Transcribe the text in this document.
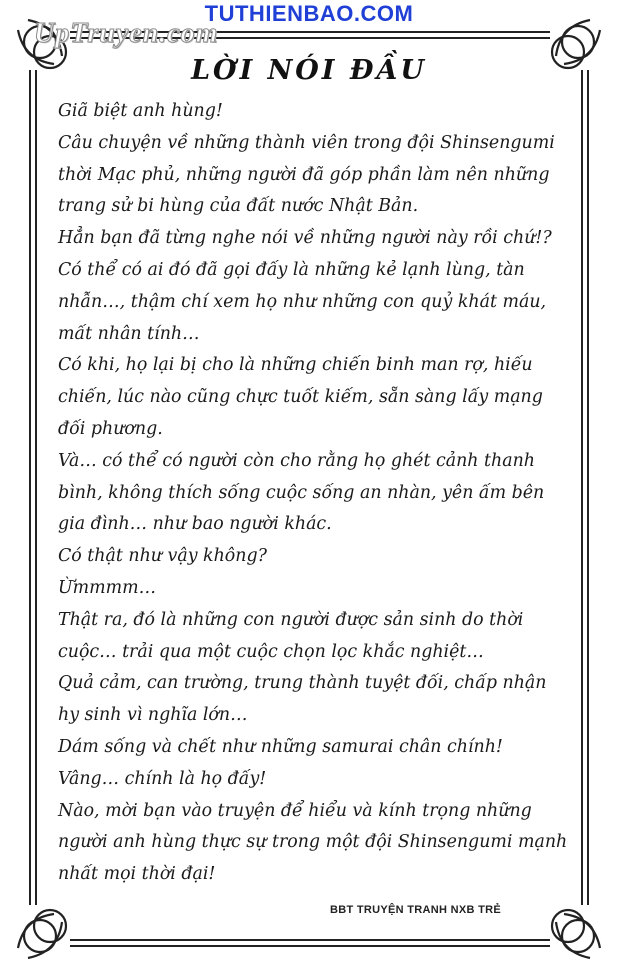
TUTHIENBAO.COM
UpTruyen.com
LỜI NÓI ĐẦU
Giã biệt anh hùng!
Câu chuyện về những thành viên trong đội Shinsengumi
thời Mạc phủ, những người đã góp phần làm nên những
trang sử bi hùng của đất nước Nhật Bản.
Hẳn bạn đã từng nghe nói về những người này rồi chứ!?
Có thể có ai đó đã gọi đấy là những kẻ lạnh lùng, tàn
nhẫn…, thậm chí xem họ như những con quỷ khát máu,
mất nhân tính…
Có khi, họ lại bị cho là những chiến binh man rợ, hiếu
chiến, lúc nào cũng chực tuốt kiếm, sẵn sàng lấy mạng
đối phương.
Và… có thể có người còn cho rằng họ ghét cảnh thanh
bình, không thích sống cuộc sống an nhàn, yên ấm bên
gia đình… như bao người khác.
Có thật như vậy không?
Ừmmmm…
Thật ra, đó là những con người được sản sinh do thời
cuộc… trải qua một cuộc chọn lọc khắc nghiệt…
Quả cảm, can trường, trung thành tuyệt đối, chấp nhận
hy sinh vì nghĩa lớn…
Dám sống và chết như những samurai chân chính!
Vâng… chính là họ đấy!
Nào, mời bạn vào truyện để hiểu và kính trọng những
người anh hùng thực sự trong một đội Shinsengumi mạnh
nhất mọi thời đại!
BBT TRUYỆN TRANH NXB TRẺ
